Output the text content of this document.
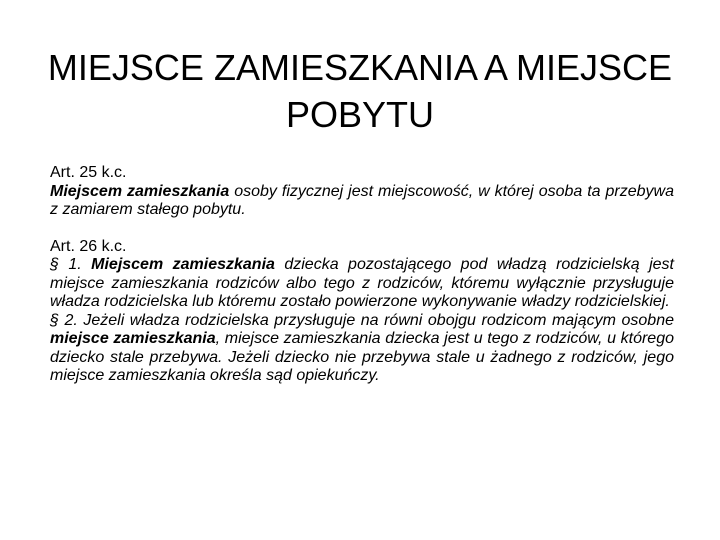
MIEJSCE ZAMIESZKANIA A MIEJSCE
POBYTU

Art. 25 k.c.

Miejscem zamieszkania osoby fizycznej jest miejscowość, w której osoba ta przebywa z zamiarem stałego pobytu.

Art. 26 k.c.

§ 1. Miejscem zamieszkania dziecka pozostającego pod władzą rodzicielską jest miejsce zamieszkania rodziców albo tego z rodziców, któremu wyłącznie przysługuje władza rodzicielska lub któremu zostało powierzone wykonywanie władzy rodzicielskiej.

§ 2. Jeżeli władza rodzicielska przysługuje na równi obojgu rodzicom mającym osobne miejsce zamieszkania, miejsce zamieszkania dziecka jest u tego z rodziców, u którego dziecko stale przebywa. Jeżeli dziecko nie przebywa stale u żadnego z rodziców, jego miejsce zamieszkania określa sąd opiekuńczy.
